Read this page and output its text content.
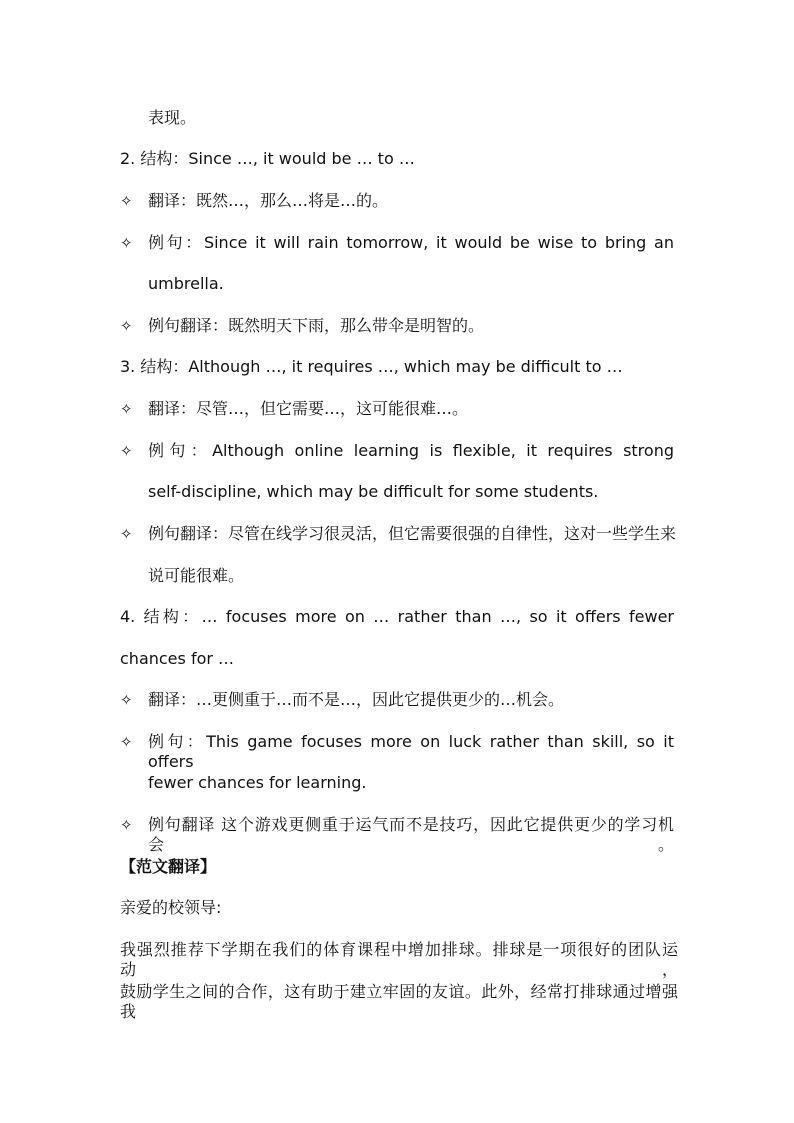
表现。
2. 结构：Since …, it would be … to …
✧ 翻译：既然…，那么…将是…的。
✧ 例句：Since it will rain tomorrow, it would be wise to bring an
umbrella.
✧ 例句翻译：既然明天下雨，那么带伞是明智的。
3. 结构：Although …, it requires …, which may be difficult to …
✧ 翻译：尽管…，但它需要…，这可能很难…。
✧ 例句：Although online learning is flexible, it requires strong
self-discipline, which may be difficult for some students.
✧ 例句翻译：尽管在线学习很灵活，但它需要很强的自律性，这对一些学生来
说可能很难。
4. 结构：… focuses more on … rather than …, so it offers fewer
chances for …
✧ 翻译：…更侧重于…而不是…，因此它提供更少的…机会。
✧ 例句：This game focuses more on luck rather than skill, so it offers
fewer chances for learning.
✧ 例句翻译 这个游戏更侧重于运气而不是技巧，因此它提供更少的学习机会。
【范文翻译】
亲爱的校领导:
我强烈推荐下学期在我们的体育课程中增加排球。排球是一项很好的团队运动，
鼓励学生之间的合作，这有助于建立牢固的友谊。此外，经常打排球通过增强我
